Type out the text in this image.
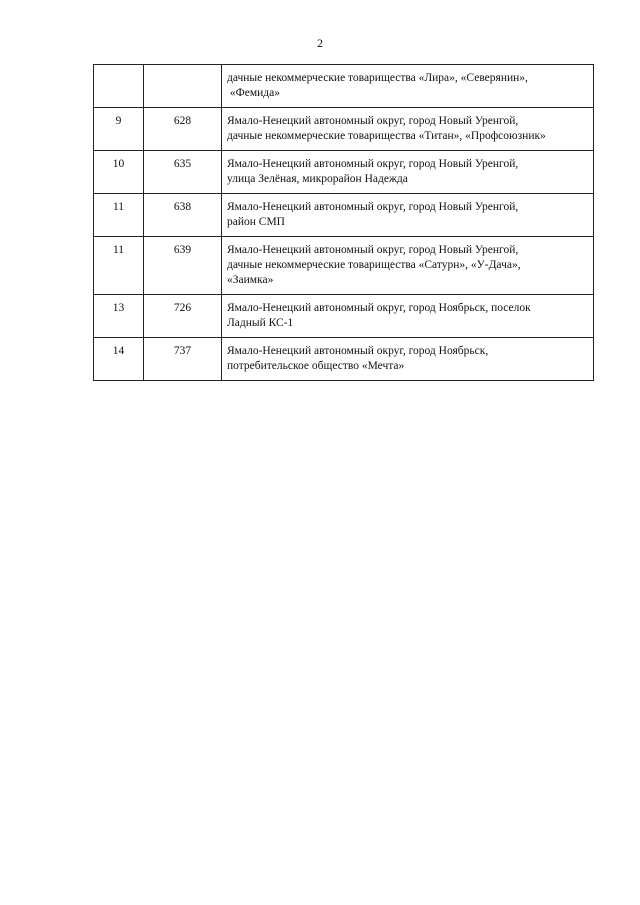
2

		дачные некоммерческие товарищества «Лира», «Северянин»,
«Фемида»

9	628	Ямало-Ненецкий автономный округ, город Новый Уренгой,
дачные некоммерческие товарищества «Титан», «Профсоюзник»

10	635	Ямало-Ненецкий автономный округ, город Новый Уренгой,
улица Зелёная, микрорайон Надежда

11	638	Ямало-Ненецкий автономный округ, город Новый Уренгой,
район СМП

11	639	Ямало-Ненецкий автономный округ, город Новый Уренгой,
дачные некоммерческие товарищества «Сатурн», «У-Дача»,
«Заимка»

13	726	Ямало-Ненецкий автономный округ, город Ноябрьск, поселок
Ладный КС-1

14	737	Ямало-Ненецкий автономный округ, город Ноябрьск,
потребительское общество «Мечта»
